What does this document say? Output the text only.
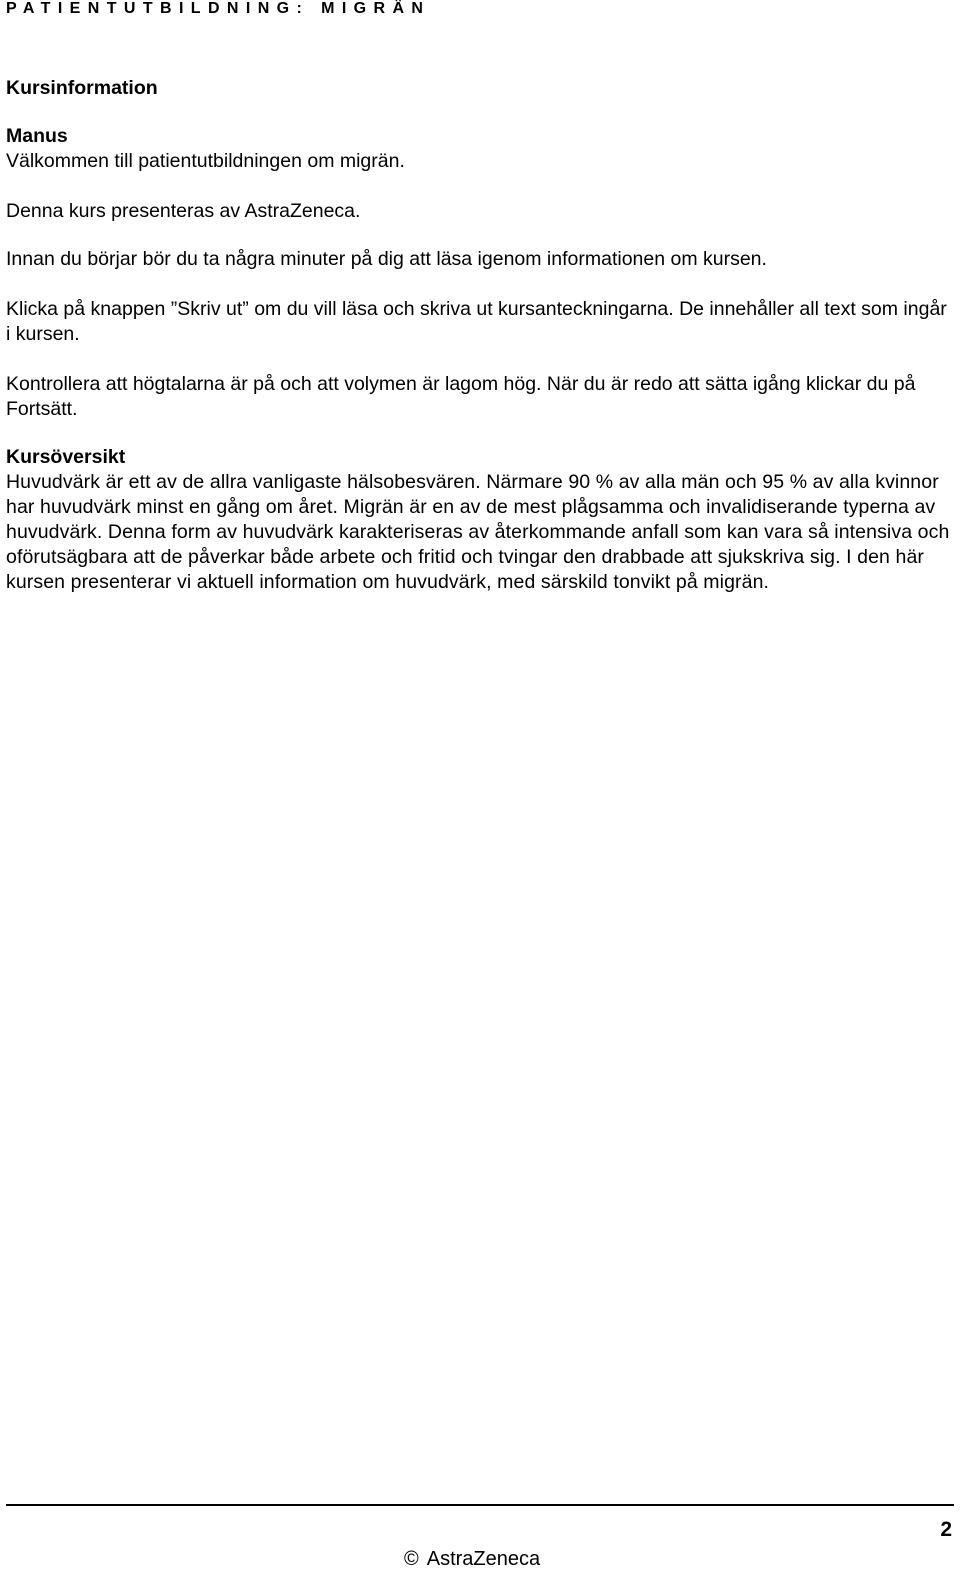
PATIENTUTBILDNING: MIGRÄN
Kursinformation
Manus

Välkommen till patientutbildningen om migrän.

Denna kurs presenteras av AstraZeneca.

Innan du börjar bör du ta några minuter på dig att läsa igenom informationen om kursen.

Klicka på knappen ”Skriv ut” om du vill läsa och skriva ut kursanteckningarna. De innehåller all text som ingår i kursen.

Kontrollera att högtalarna är på och att volymen är lagom hög. När du är redo att sätta igång klickar du på Fortsätt.

Kursöversikt
Huvudvärk är ett av de allra vanligaste hälsobesvären. Närmare 90 % av alla män och 95 % av alla kvinnor har huvudvärk minst en gång om året. Migrän är en av de mest plågsamma och invalidiserande typerna av huvudvärk. Denna form av huvudvärk karakteriseras av återkommande anfall som kan vara så intensiva och oförutsägbara att de påverkar både arbete och fritid och tvingar den drabbade att sjukskriva sig. I den här kursen presenterar vi aktuell information om huvudvärk, med särskild tonvikt på migrän.
2
© AstraZeneca
